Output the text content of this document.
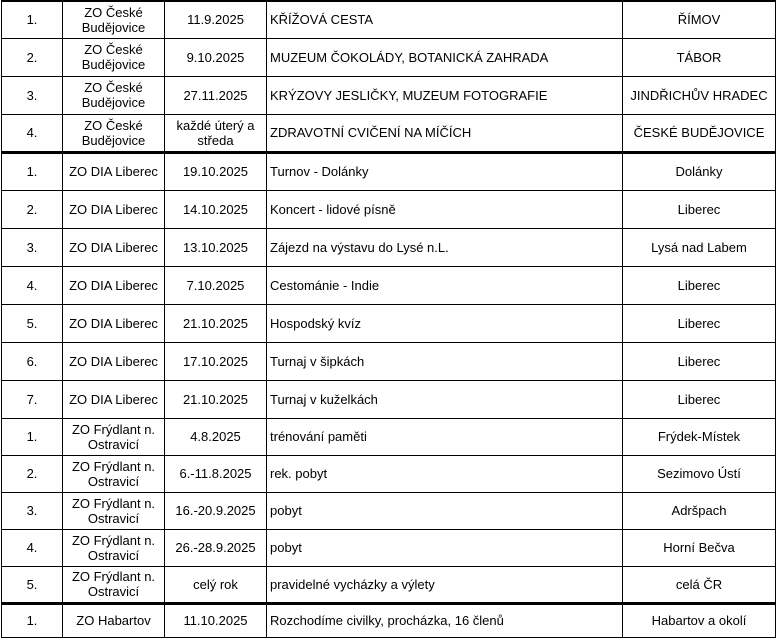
1.	ZO České Budějovice	11.9.2025	KŘÍŽOVÁ CESTA	ŘÍMOV
2.	ZO České Budějovice	9.10.2025	MUZEUM ČOKOLÁDY, BOTANICKÁ ZAHRADA	TÁBOR
3.	ZO České Budějovice	27.11.2025	KRÝZOVY JESLIČKY, MUZEUM FOTOGRAFIE	JINDŘICHŮV HRADEC
4.	ZO České Budějovice	každé úterý a středa	ZDRAVOTNÍ CVIČENÍ NA MÍČÍCH	ČESKÉ BUDĚJOVICE
1.	ZO DIA Liberec	19.10.2025	Turnov - Dolánky	Dolánky
2.	ZO DIA Liberec	14.10.2025	Koncert - lidové písně	Liberec
3.	ZO DIA Liberec	13.10.2025	Zájezd na výstavu do Lysé n.L.	Lysá nad Labem
4.	ZO DIA Liberec	7.10.2025	Cestománie - Indie	Liberec
5.	ZO DIA Liberec	21.10.2025	Hospodský kvíz	Liberec
6.	ZO DIA Liberec	17.10.2025	Turnaj v šipkách	Liberec
7.	ZO DIA Liberec	21.10.2025	Turnaj v kuželkách	Liberec
1.	ZO Frýdlant n. Ostravicí	4.8.2025	trénování paměti	Frýdek-Místek
2.	ZO Frýdlant n. Ostravicí	6.-11.8.2025	rek. pobyt	Sezimovo Ústí
3.	ZO Frýdlant n. Ostravicí	16.-20.9.2025	pobyt	Adršpach
4.	ZO Frýdlant n. Ostravicí	26.-28.9.2025	pobyt	Horní Bečva
5.	ZO Frýdlant n. Ostravicí	celý rok	pravidelné vycházky a výlety	celá ČR
1.	ZO Habartov	11.10.2025	Rozchodíme civilky, procházka, 16 členů	Habartov a okolí
